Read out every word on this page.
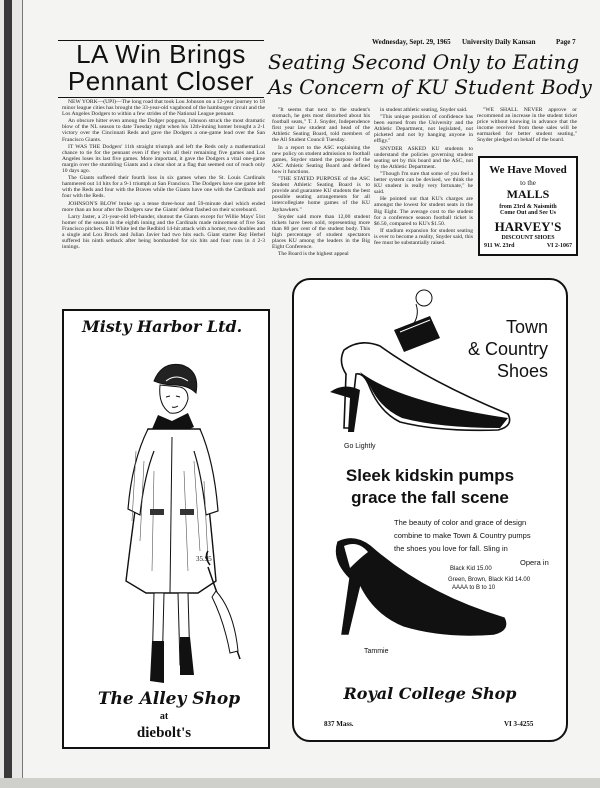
Wednesday, Sept. 29, 1965 University Daily Kansan	Page 7
LA Win Brings
Pennant Closer

NEW YORK—(UPI)—The long road that took Lou Johnson on a 12-year journey to 18 minor league cities has brought the 33-year-old vagabond of the hamburger circuit and the Los Angeles Dodgers to within a few strides of the National League pennant.

An obscure hitter even among the Dodger popguns, Johnson struck the most dramatic blow of the NL season to date Tuesday night when his 12th-inning homer brought a 2-1 victory over the Cincinnati Reds and gave the Dodgers a one-game lead over the San Francisco Giants.

IT WAS THE Dodgers' 11th straight triumph and left the Reds only a mathematical chance to tie for the pennant even if they win all their remaining five games and Los Angeles loses its last five games. More important, it gave the Dodgers a vital one-game margin over the stumbling Giants and a clear shot at a flag that seemed out of reach only 10 days ago.

The Giants suffered their fourth loss in six games when the St. Louis Cardinals hammered out 14 hits for a 9-1 triumph at San Francisco. The Dodgers have one game left with the Reds and four with the Braves while the Giants have one with the Cardinals and four with the Reds.

JOHNSON'S BLOW broke up a tense three-hour and 59-minute duel which ended more than an hour after the Dodgers saw the Giants' defeat flashed on their scoreboard.

Larry Jaster, a 21-year-old left-hander, shutout the Giants except for Willie Mays' 51st homer of the season in the eighth inning and the Cardinals made mincemeat of five San Francisco pitchers. Bill White led the Redbird 14-hit attack with a homer, two doubles and a single and Lou Brock and Julian Javier had two hits each. Giant starter Ray Herbel suffered his ninth setback after being bombarded for six hits and four runs in 4 2-3 innings.

Seating Second Only to Eating
As Concern of KU Student Body

"It seems that next to the student's stomach, he gets most disturbed about his football seats," T. J. Snyder, Independence first year law student and head of the Athletic Seating Board, told members of the All Student Council Tuesday.

In a report to the ASC explaining the new policy on student admission to football games, Snyder stated the purpose of the ASC Athletic Seating Board and defined how it functions.

"THE STATED PURPOSE of the ASC Student Athletic Seating Board is to provide and guarantee KU students the best possible seating arrangements for all intercollegiate home games of the KU Jayhawkers."

Snyder said more than 12,00 student tickets have been sold, representing more than 80 per cent of the student body. This high percentage of student spectators places KU among the leaders in the Big Eight Conference.

The Board is the highest appeal

in student athletic seating, Snyder said.

"This unique position of confidence has been earned from the University and the Athletic Department, not legislated, not picketed and not by hanging anyone in effigy."

SNYDER ASKED KU students to understand the policies governing student seating set by this board and the ASC, not by the Athletic Department.

"Though I'm sure that some of you feel a better system can be devised, we think the KU student is really very fortunate," he said.

He pointed out that KU's charges are amongst the lowest for student seats in the Big Eight. The average cost to the student for a conference season football ticket is $6.50, compared to KU's $1.50.

If stadium expansion for student seating is ever to become a reality, Snyder said, this fee must be substantially raised.

"WE SHALL NEVER approve or recommend an increase in the student ticket price without knowing in advance that the income received from these sales will be earmarked for better student seating," Snyder pledged on behalf of the board.

We Have Moved
to the
MALLS
from 23rd & Naismith
Come Out and See Us
HARVEY'S
DISCOUNT SHOES
911 W. 23rd	VI 2-1067
Misty Harbor Ltd.
35.95
The Alley Shop
at
diebolt's
Town
& Country
Shoes
Go Lightly
Sleek kidskin pumps
grace the fall scene
The beauty of color and grace of design
combine to make Town & Country pumps
the shoes you love for fall. Sling in
Opera in
Black Kid 15.00
Green, Brown, Black Kid 14.00
AAAA to B to 10
Tammie
Royal College Shop
837 Mass.	VI 3-4255
